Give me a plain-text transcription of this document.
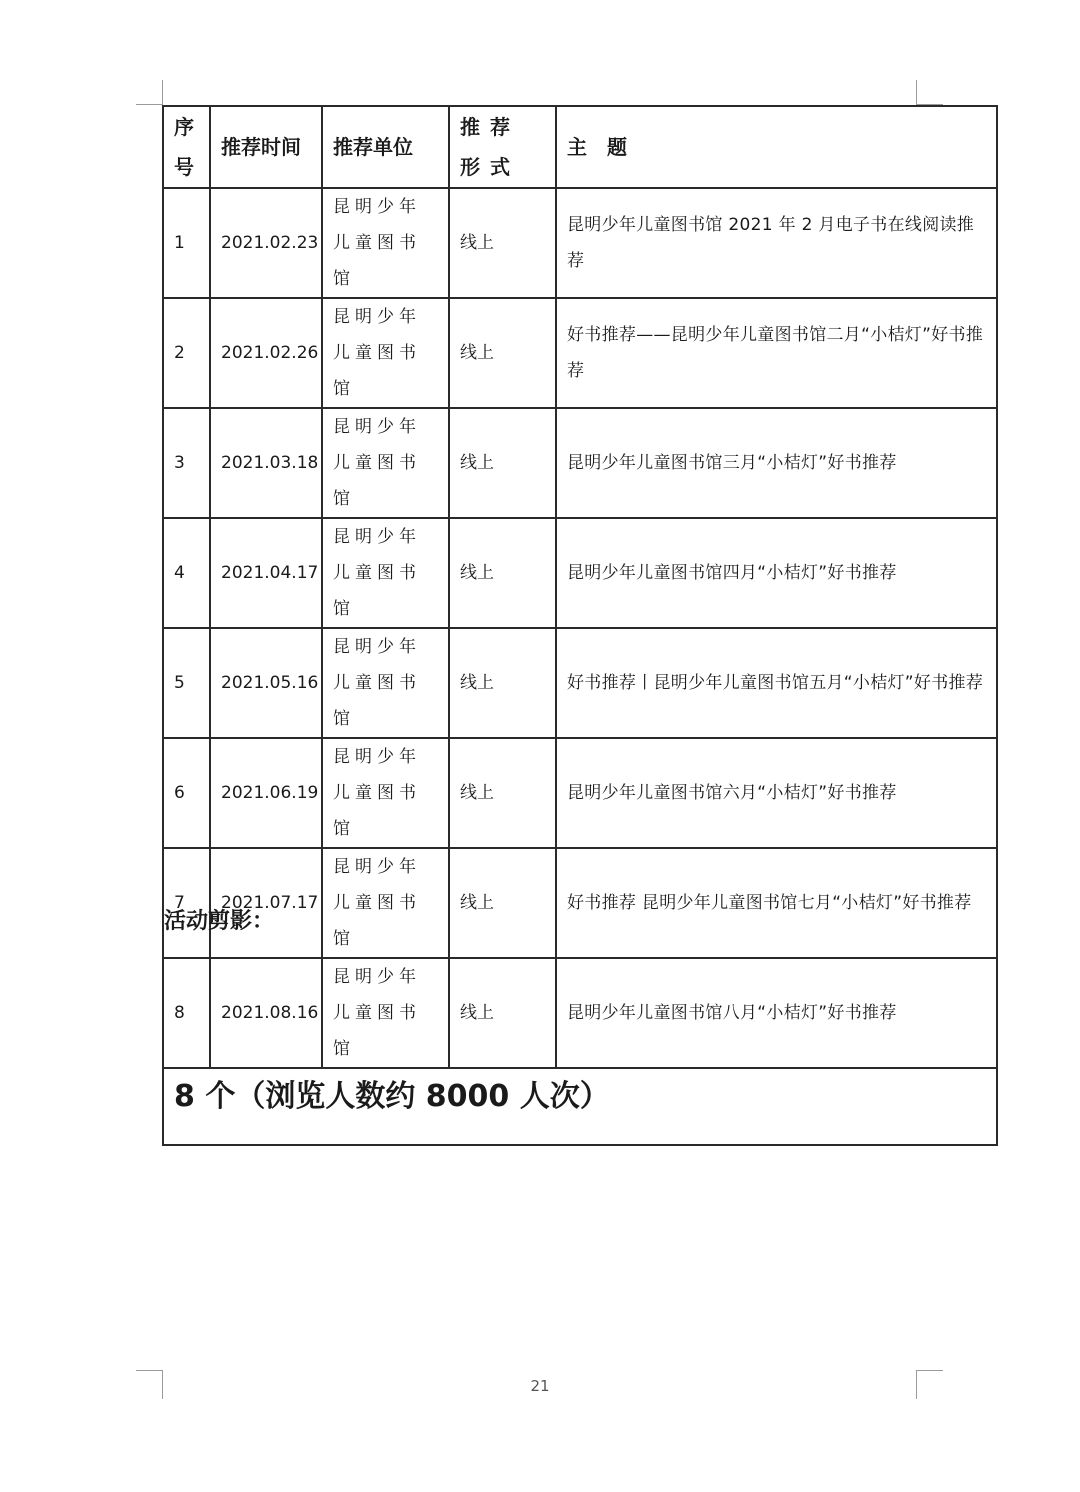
序号	推荐时间	推荐单位	推荐形式	主　题
1	2021.02.23	昆明少年儿童图书馆	线上	昆明少年儿童图书馆 2021 年 2 月电子书在线阅读推荐
2	2021.02.26	昆明少年儿童图书馆	线上	好书推荐——昆明少年儿童图书馆二月“小桔灯”好书推荐
3	2021.03.18	昆明少年儿童图书馆	线上	昆明少年儿童图书馆三月“小桔灯”好书推荐
4	2021.04.17	昆明少年儿童图书馆	线上	昆明少年儿童图书馆四月“小桔灯”好书推荐
5	2021.05.16	昆明少年儿童图书馆	线上	好书推荐丨昆明少年儿童图书馆五月“小桔灯”好书推荐
6	2021.06.19	昆明少年儿童图书馆	线上	昆明少年儿童图书馆六月“小桔灯”好书推荐
7	2021.07.17	昆明少年儿童图书馆	线上	好书推荐 昆明少年儿童图书馆七月“小桔灯”好书推荐
8	2021.08.16	昆明少年儿童图书馆	线上	昆明少年儿童图书馆八月“小桔灯”好书推荐
8 个（浏览人数约 8000 人次）				
活动剪影：
21
